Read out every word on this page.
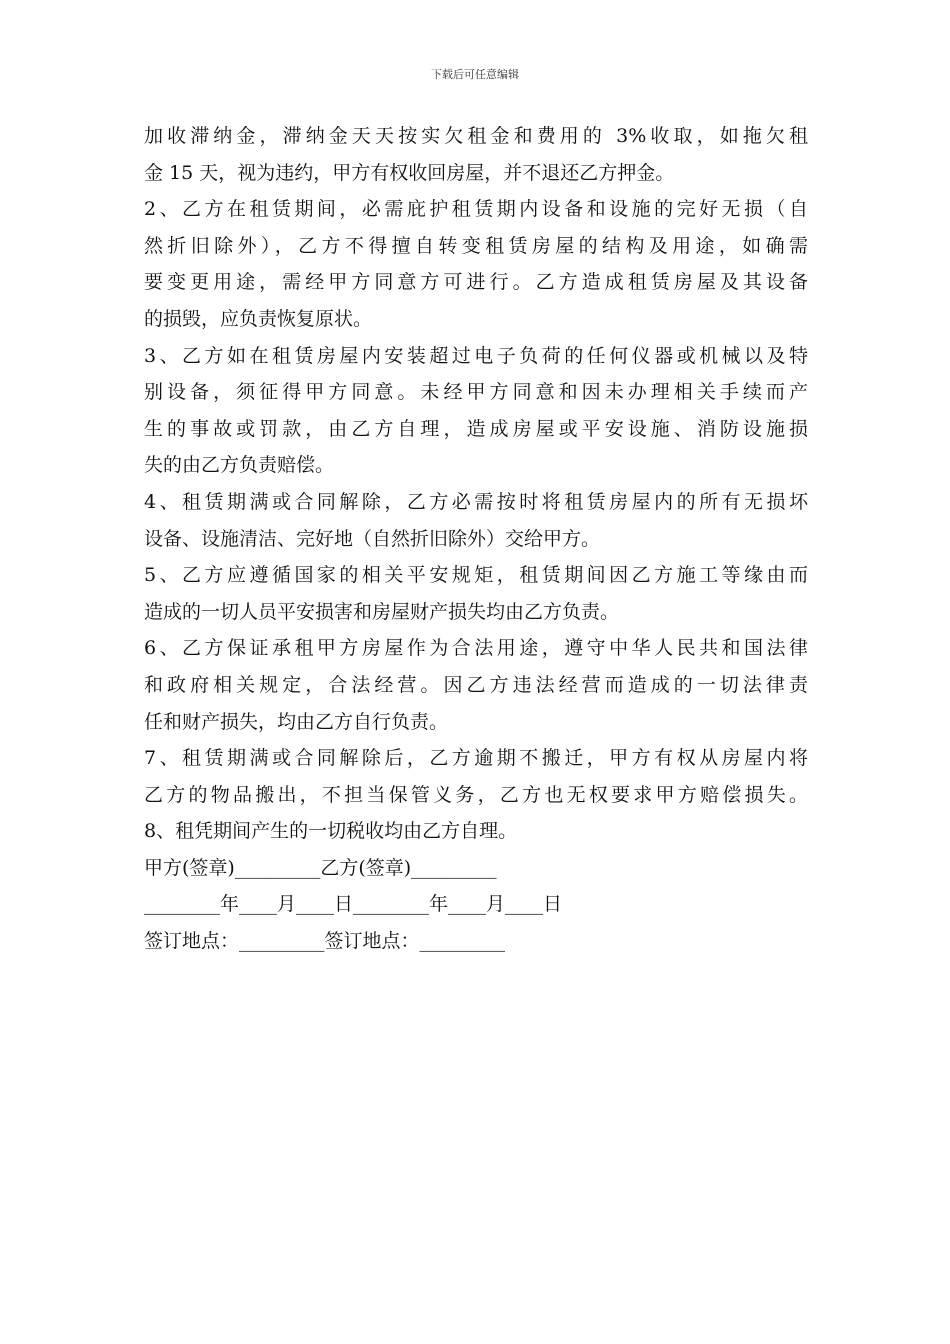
下载后可任意编辑
加收滞纳金，滞纳金天天按实欠租金和费用的 3%收取，如拖欠租
金 15 天，视为违约，甲方有权收回房屋，并不退还乙方押金。
2、乙方在租赁期间，必需庇护租赁期内设备和设施的完好无损（自
然折旧除外），乙方不得擅自转变租赁房屋的结构及用途，如确需
要变更用途，需经甲方同意方可进行。乙方造成租赁房屋及其设备
的损毁，应负责恢复原状。
3、乙方如在租赁房屋内安装超过电子负荷的任何仪器或机械以及特
别设备，须征得甲方同意。未经甲方同意和因未办理相关手续而产
生的事故或罚款，由乙方自理，造成房屋或平安设施、消防设施损
失的由乙方负责赔偿。
4、租赁期满或合同解除，乙方必需按时将租赁房屋内的所有无损坏
设备、设施清洁、完好地（自然折旧除外）交给甲方。
5、乙方应遵循国家的相关平安规矩，租赁期间因乙方施工等缘由而
造成的一切人员平安损害和房屋财产损失均由乙方负责。
6、乙方保证承租甲方房屋作为合法用途，遵守中华人民共和国法律
和政府相关规定，合法经营。因乙方违法经营而造成的一切法律责
任和财产损失，均由乙方自行负责。
7、租赁期满或合同解除后，乙方逾期不搬迁，甲方有权从房屋内将
乙方的物品搬出，不担当保管义务，乙方也无权要求甲方赔偿损失。
8、租凭期间产生的一切税收均由乙方自理。
甲方(签章)_________乙方(签章)_________
________年____月____日________年____月____日
签订地点：_________签订地点：_________
